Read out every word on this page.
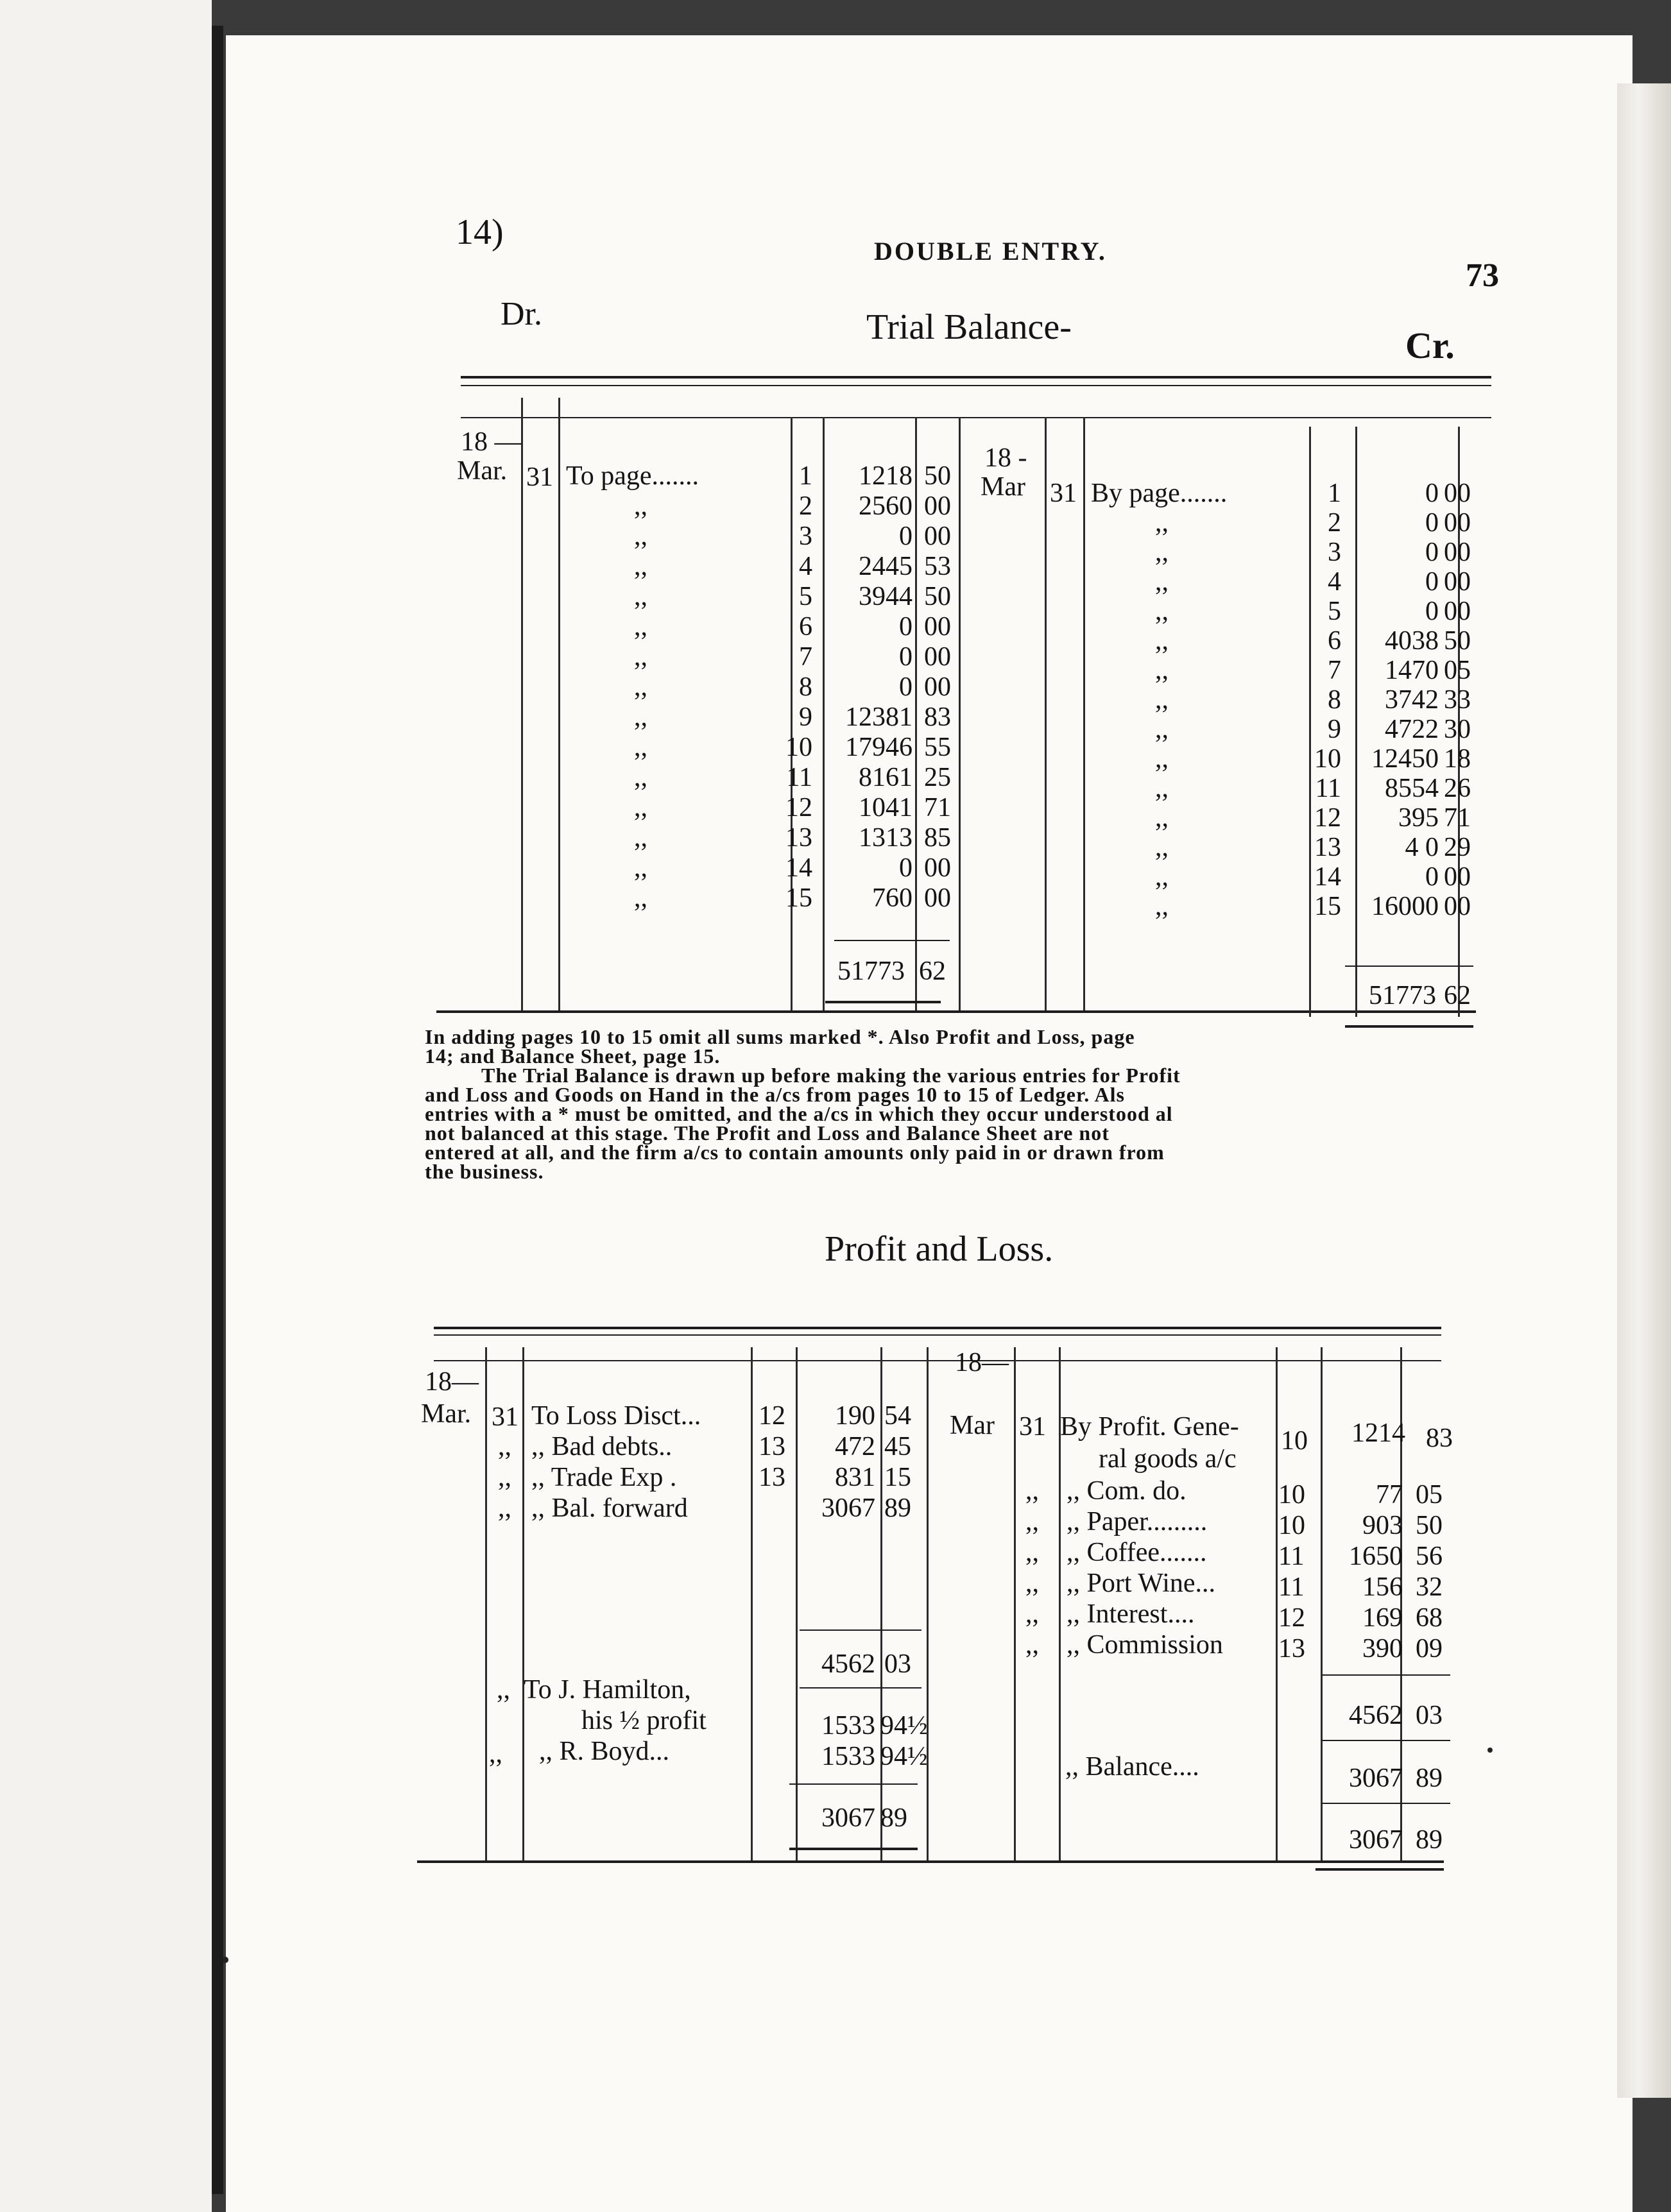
14)	DOUBLE ENTRY.
73
Dr.	Trial Balance-	Cr.
18 —
Mar. 31 To page.......	1	1218 50
,,	2	2560 00
,,	3	0 00
,,	4	2445 53
,,	5	3944 50
,,	6	0 00
,,	7	0 00
,,	8	0 00
,,	9	12381 83
,,	10	17946 55
,,	11	8161 25
,,	12	1041 71
,,	13	1313 85
,,	14	0 00
,,	15	760 00
51773 62
18 -
Mar 31 By page.......	1	0 00
,,	2	0 00
,,	3	0 00
,,	4	0 00
,,	5	0 00
,,	6	4038 50
,,	7	1470 05
,,	8	3742 33
,,	9	4722 30
,,	10	12450 18
,,	11	8554 26
,,	12	395 71
,,	13	4 0 29
,,	14	0 00
,,	15	16000 00
51773 62
In adding pages 10 to 15 omit all sums marked *. Also Profit and Loss, page
14; and Balance Sheet, page 15.
The Trial Balance is drawn up before making the various entries for Profit
and Loss and Goods on Hand in the a/cs from pages 10 to 15 of Ledger. Als
entries with a * must be omitted, and the a/cs in which they occur understood al
not balanced at this stage. The Profit and Loss and Balance Sheet are not
entered at all, and the firm a/cs to contain amounts only paid in or drawn from
the business.
Profit and Loss.
18—
Mar. 31 To Loss Disct... 12	190 54
,, ,, Bad debts..	13	472 45
,, ,, Trade Exp .	13	831 15
,, ,, Bal. forward	3067 89
4562 03
,, To J. Hamilton,
his ½ profit	1533 94½
,, ,, R. Boyd...	1533 94½
3067 89
18—
Mar 31 By Profit. Gene-
ral goods a/c
10	1214 83
,, ,, Com. do.	10	77 05
,, ,, Paper.........	10	903 50
,, ,, Coffee.......	11	1650 56
,, ,, Port Wine... 11	156 32
,, ,, Interest....	12	169 68
,, ,, Commission 13	390 09
4562 03
,, Balance....	3067 89
3067 89
